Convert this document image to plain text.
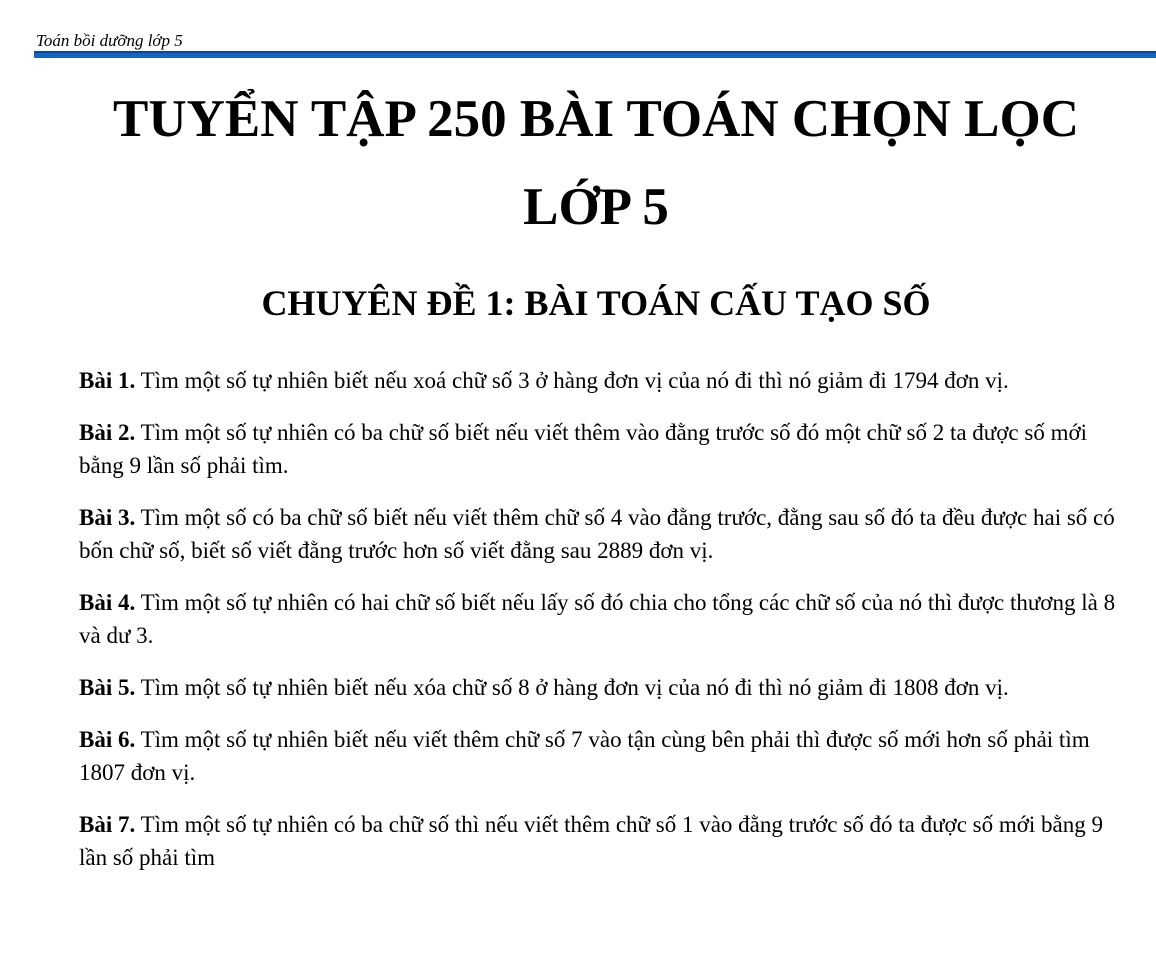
Toán bồi dưỡng lớp 5
TUYỂN TẬP 250 BÀI TOÁN CHỌN LỌC
LỚP 5
CHUYÊN ĐỀ 1: BÀI TOÁN CẤU TẠO SỐ

Bài 1. Tìm một số tự nhiên biết nếu xoá chữ số 3 ở hàng đơn vị của nó đi thì nó giảm đi 1794 đơn vị.

Bài 2. Tìm một số tự nhiên có ba chữ số biết nếu viết thêm vào đằng trước số đó một chữ số 2 ta được số mới bằng 9 lần số phải tìm.

Bài 3. Tìm một số có ba chữ số biết nếu viết thêm chữ số 4 vào đằng trước, đằng sau số đó ta đều được hai số có bốn chữ số, biết số viết đằng trước hơn số viết đằng sau 2889 đơn vị.

Bài 4. Tìm một số tự nhiên có hai chữ số biết nếu lấy số đó chia cho tổng các chữ số của nó thì được thương là 8 và dư 3.

Bài 5. Tìm một số tự nhiên biết nếu xóa chữ số 8 ở hàng đơn vị của nó đi thì nó giảm đi 1808 đơn vị.

Bài 6. Tìm một số tự nhiên biết nếu viết thêm chữ số 7 vào tận cùng bên phải thì được số mới hơn số phải tìm 1807 đơn vị.

Bài 7. Tìm một số tự nhiên có ba chữ số thì nếu viết thêm chữ số 1 vào đằng trước số đó ta được số mới bằng 9 lần số phải tìm
